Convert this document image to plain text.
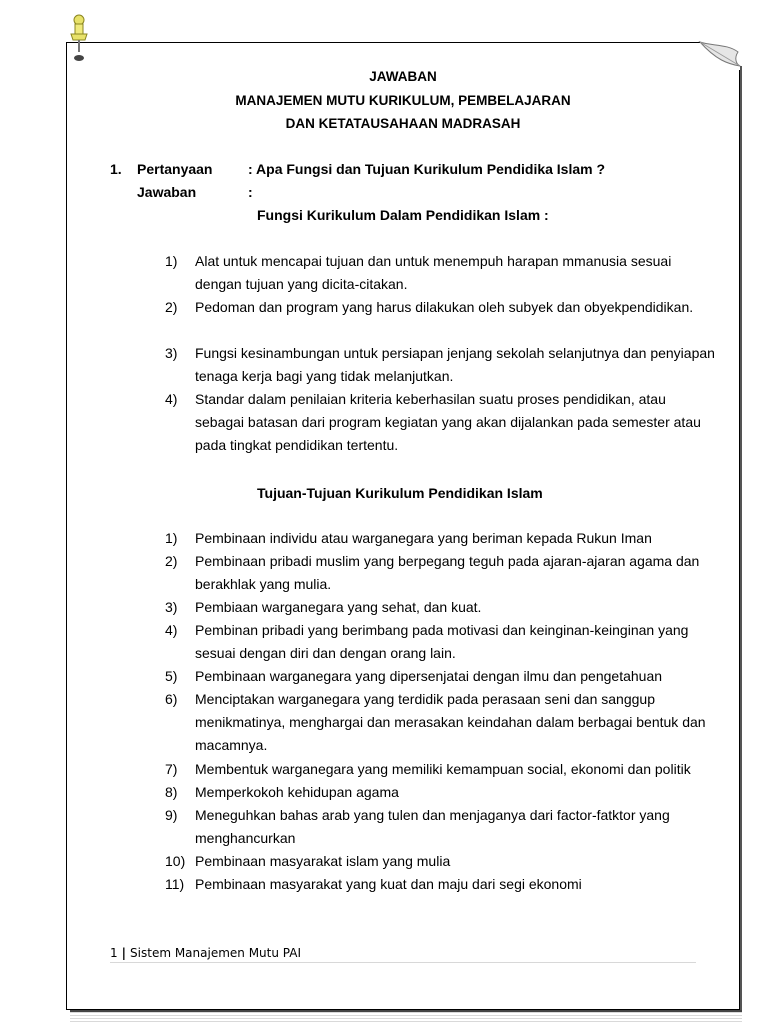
JAWABAN
MANAJEMEN MUTU KURIKULUM, PEMBELAJARAN
DAN KETATAUSAHAAN MADRASAH
1. Pertanyaan	: Apa Fungsi dan Tujuan Kurikulum Pendidika Islam ?
Jawaban	:
Fungsi Kurikulum Dalam Pendidikan Islam :
1) Alat untuk mencapai tujuan dan untuk menempuh harapan mmanusia sesuai dengan tujuan yang dicita-citakan.
2) Pedoman dan program yang harus dilakukan oleh subyek dan obyekpendidikan.
3) Fungsi kesinambungan untuk persiapan jenjang sekolah selanjutnya dan penyiapan tenaga kerja bagi yang tidak melanjutkan.
4) Standar dalam penilaian kriteria keberhasilan suatu proses pendidikan, atau sebagai batasan dari program kegiatan yang akan dijalankan pada semester atau pada tingkat pendidikan tertentu.
Tujuan-Tujuan Kurikulum Pendidikan Islam
1) Pembinaan individu atau warganegara yang beriman kepada Rukun Iman
2) Pembinaan pribadi muslim yang berpegang teguh pada ajaran-ajaran agama dan berakhlak yang mulia.
3) Pembiaan warganegara yang sehat, dan kuat.
4) Pembinan pribadi yang berimbang pada motivasi dan keinginan-keinginan yang sesuai dengan diri dan dengan orang lain.
5) Pembinaan warganegara yang dipersenjatai dengan ilmu dan pengetahuan
6) Menciptakan warganegara yang terdidik pada perasaan seni dan sanggup menikmatinya, menghargai dan merasakan keindahan dalam berbagai bentuk dan macamnya.
7) Membentuk warganegara yang memiliki kemampuan social, ekonomi dan politik
8) Memperkokoh kehidupan agama
9) Meneguhkan bahas arab yang tulen dan menjaganya dari factor-fatktor yang menghancurkan
10) Pembinaan masyarakat islam yang mulia
11) Pembinaan masyarakat yang kuat dan maju dari segi ekonomi
1 | Sistem Manajemen Mutu PAI
